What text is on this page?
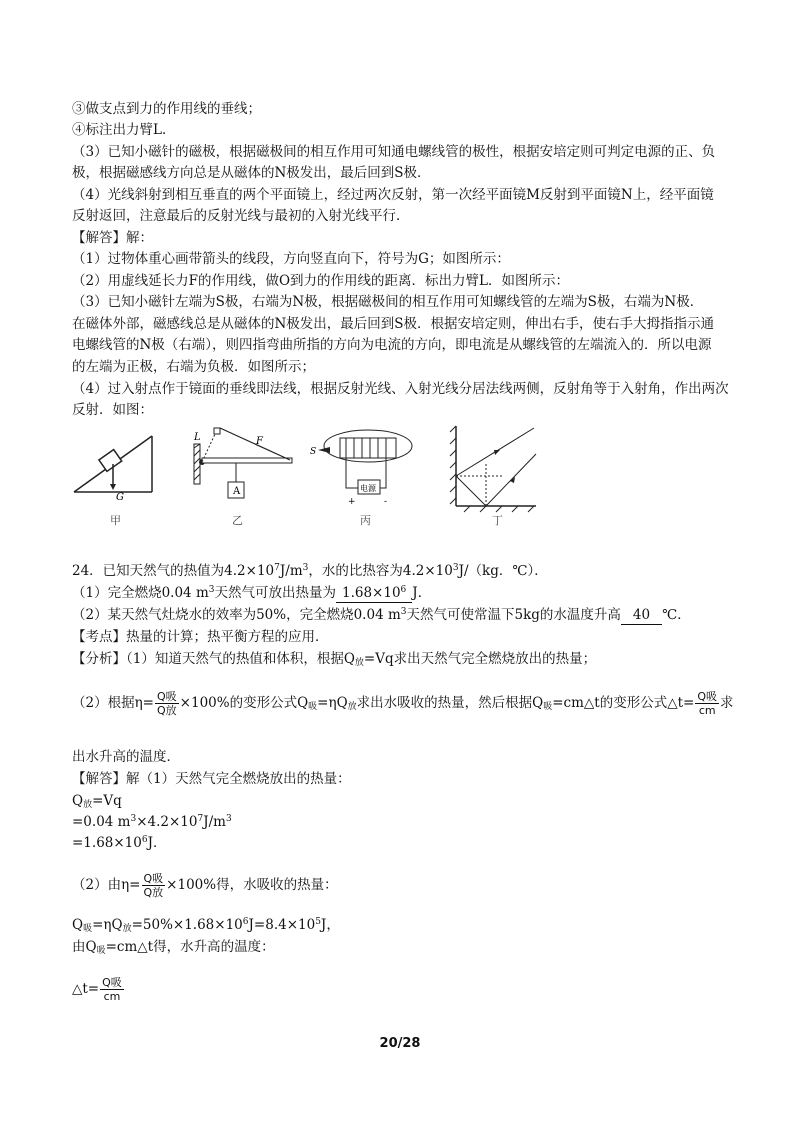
③做支点到力的作用线的垂线；
④标注出力臂L．
（3）已知小磁针的磁极，根据磁极间的相互作用可知通电螺线管的极性，根据安培定则可判定电源的正、负
极，根据磁感线方向总是从磁体的N极发出，最后回到S极．
（4）光线斜射到相互垂直的两个平面镜上，经过两次反射，第一次经平面镜M反射到平面镜N上，经平面镜
反射返回，注意最后的反射光线与最初的入射光线平行．
【解答】解：
（1）过物体重心画带箭头的线段，方向竖直向下，符号为G；如图所示：
（2）用虚线延长力F的作用线，做O到力的作用线的距离．标出力臂L．如图所示：
（3）已知小磁针左端为S极，右端为N极，根据磁极间的相互作用可知螺线管的左端为S极，右端为N极．
在磁体外部，磁感线总是从磁体的N极发出，最后回到S极．根据安培定则，伸出右手，使右手大拇指指示通
电螺线管的N极（右端），则四指弯曲所指的方向为电流的方向，即电流是从螺线管的左端流入的．所以电源
的左端为正极，右端为负极．如图所示；
（4）过入射点作于镜面的垂线即法线，根据反射光线、入射光线分居法线两侧，反射角等于入射角，作出两次
反射．如图：
G
甲
L	F
A
乙
S
电源
+	-
丙	丁
24．已知天然气的热值为$4.2\times 10^7J/m^3$，水的比热容为$4.2\times 10^3J/(kg$．℃）．
（1）完全燃烧0.04 $m^3$天然气可放出热量为 $1.68\times 10^6$ J．
（2）某天然气灶烧水的效率为50%，完全燃烧0.04 $m^3$天然气可使常温下5kg的水温度升高 40 ℃．
【考点】热量的计算；热平衡方程的应用．
【分析】（1）知道天然气的热值和体积，根据$Q_放=Vq$求出天然气完全燃烧放出的热量；
（2）根据$\eta= \frac{\text{Q吸}}{\text{Q放}} \times 100\%$的变形公式$Q_吸=\eta Q_放$求出水吸收的热量，然后根据$Q_吸=cm\triangle t$的变形公式△t= $\frac{\text{Q吸}}{cm}$ 求
出水升高的温度．
【解答】解（1）天然气完全燃烧放出的热量：
$Q_放=Vq$
=0.04 $m^3\times 4.2\times 10^7J/m^3$
$=1.68\times 10^6J$．
（2）由$\eta= \frac{\text{Q吸}}{\text{Q放}} \times 100\%$得，水吸收的热量：
$Q_吸=\eta Q_放=50\%\times 1.68\times 10^6J=8.4\times 10^5J$，
由$Q_吸=cm\triangle t$得，水升高的温度：
△t= $\frac{\text{Q吸}}{cm}$
20/28
